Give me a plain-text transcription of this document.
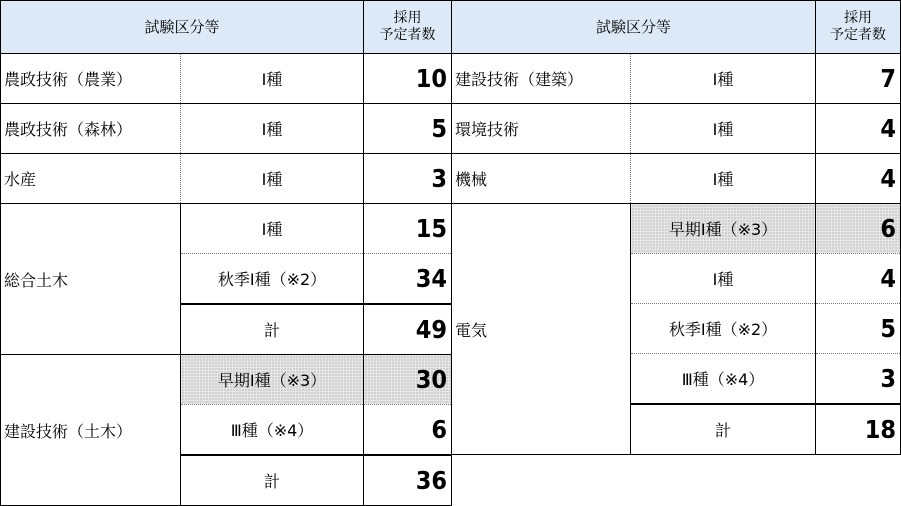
試験区分等		採用
予定者数

農政技術（農業）	Ⅰ種	10
農政技術（森林）	Ⅰ種	5
水産	Ⅰ種	3
総合土木	Ⅰ種	15
	秋季Ⅰ種（※2）	34
	計	49
建設技術（土木）	早期Ⅰ種（※3）	30
	Ⅲ種（※4）	6
	計	36
試験区分等		採用
予定者数

建設技術（建築）	Ⅰ種	7
環境技術	Ⅰ種	4
機械	Ⅰ種	4
電気	早期Ⅰ種（※3）	6
	Ⅰ種	4
	秋季Ⅰ種（※2）	5
	Ⅲ種（※4）	3
	計	18
